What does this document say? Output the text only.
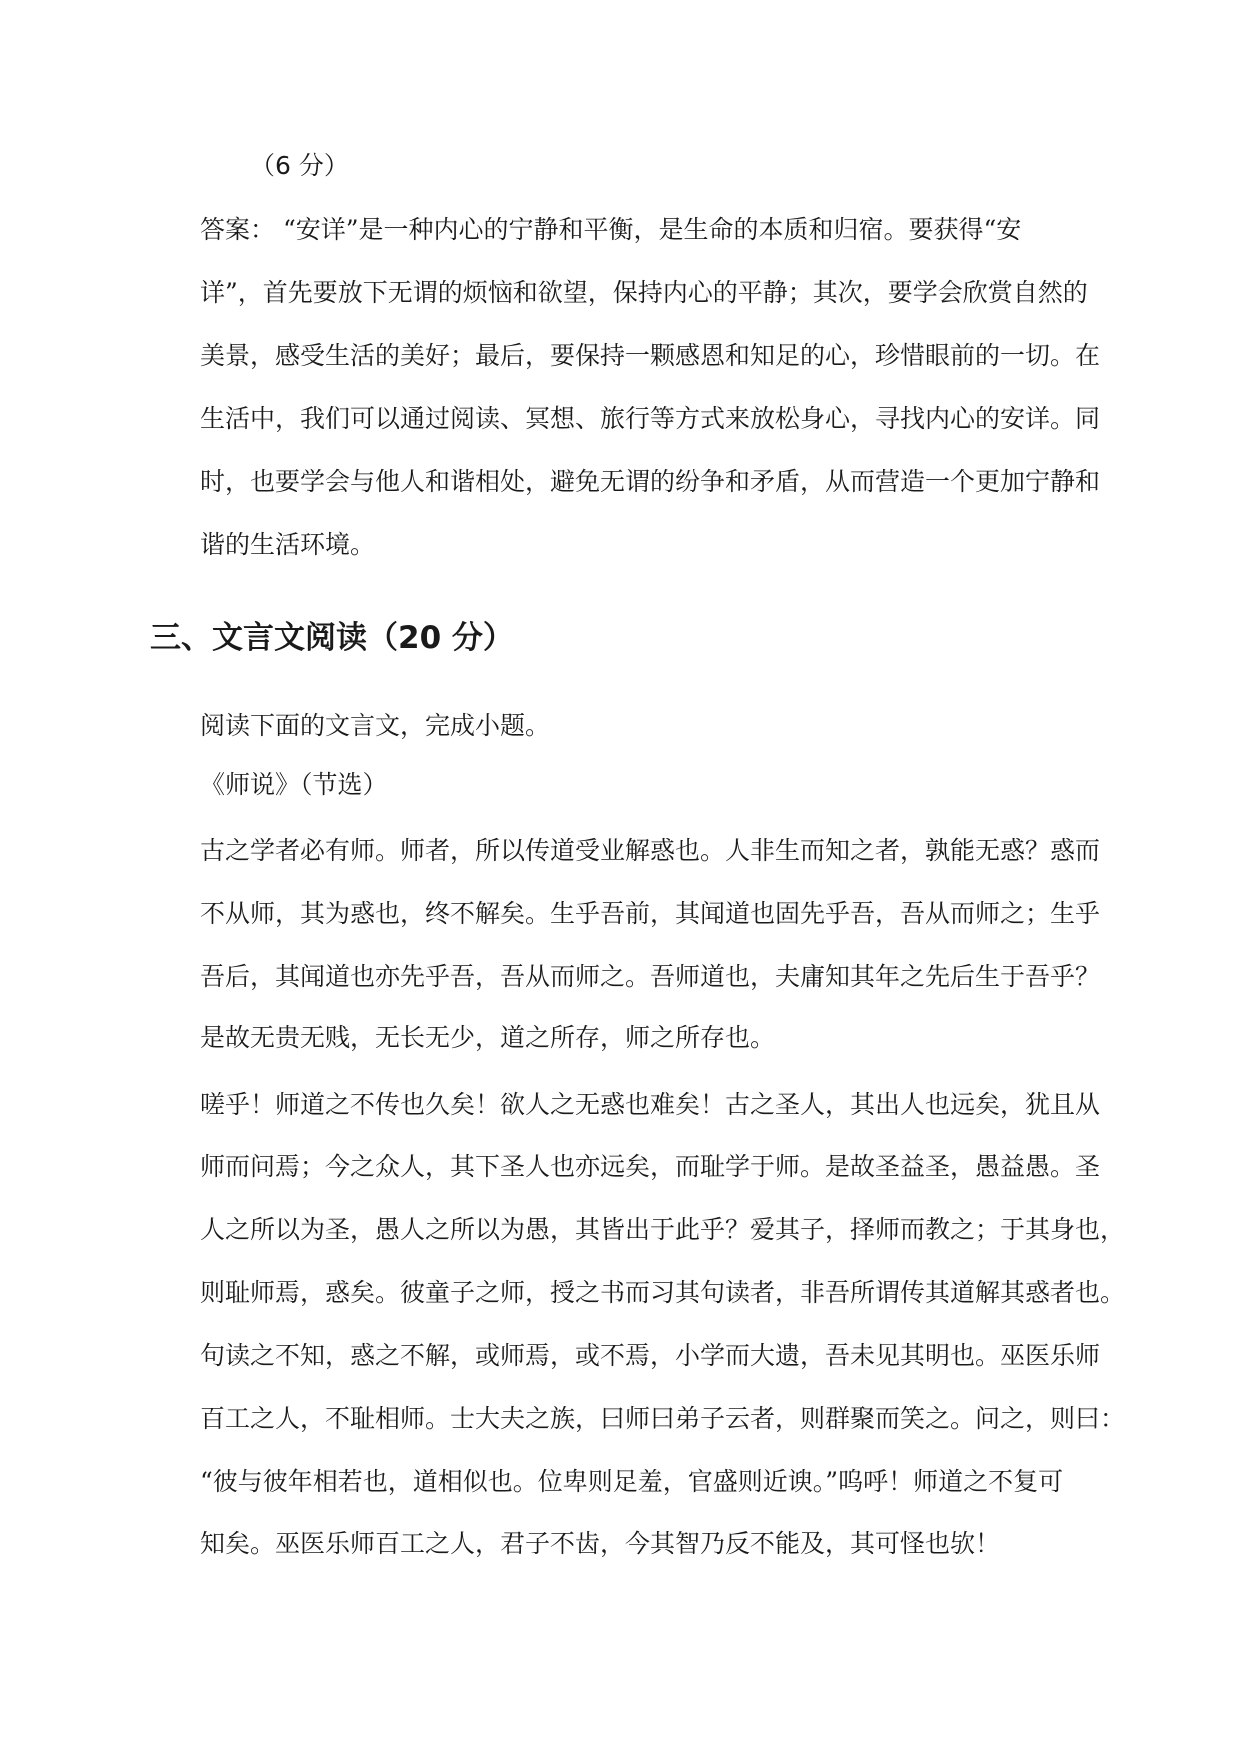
（6 分）
答案： “安详”是一种内心的宁静和平衡，是生命的本质和归宿。要获得“安
详”，首先要放下无谓的烦恼和欲望，保持内心的平静；其次，要学会欣赏自然的
美景，感受生活的美好；最后，要保持一颗感恩和知足的心，珍惜眼前的一切。在
生活中，我们可以通过阅读、冥想、旅行等方式来放松身心，寻找内心的安详。同
时，也要学会与他人和谐相处，避免无谓的纷争和矛盾，从而营造一个更加宁静和
谐的生活环境。
三、文言文阅读（20 分）
阅读下面的文言文，完成小题。
《师说》（节选）
古之学者必有师。师者，所以传道受业解惑也。人非生而知之者，孰能无惑？惑而
不从师，其为惑也，终不解矣。生乎吾前，其闻道也固先乎吾，吾从而师之；生乎
吾后，其闻道也亦先乎吾，吾从而师之。吾师道也，夫庸知其年之先后生于吾乎？
是故无贵无贱，无长无少，道之所存，师之所存也。
嗟乎！师道之不传也久矣！欲人之无惑也难矣！古之圣人，其出人也远矣，犹且从
师而问焉；今之众人，其下圣人也亦远矣，而耻学于师。是故圣益圣，愚益愚。圣
人之所以为圣，愚人之所以为愚，其皆出于此乎？爱其子，择师而教之；于其身也，
则耻师焉，惑矣。彼童子之师，授之书而习其句读者，非吾所谓传其道解其惑者也。
句读之不知，惑之不解，或师焉，或不焉，小学而大遗，吾未见其明也。巫医乐师
百工之人，不耻相师。士大夫之族，曰师曰弟子云者，则群聚而笑之。问之，则曰：
“彼与彼年相若也，道相似也。位卑则足羞，官盛则近谀。”呜呼！师道之不复可
知矣。巫医乐师百工之人，君子不齿，今其智乃反不能及，其可怪也欤！
